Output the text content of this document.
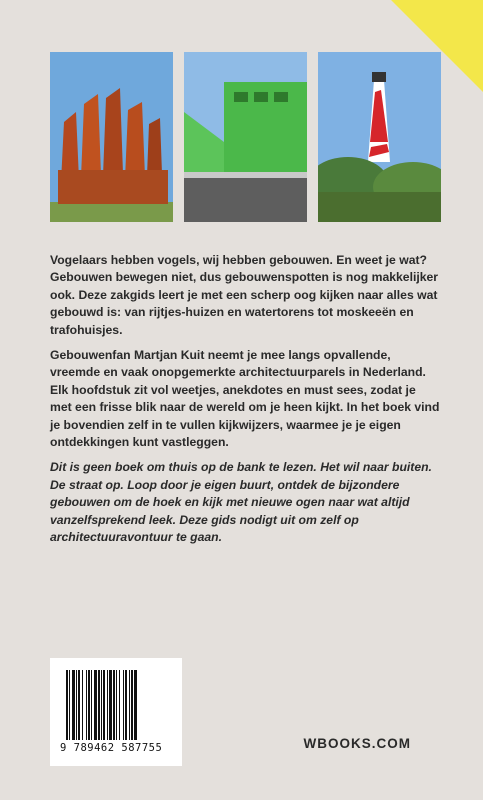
Vogelaars hebben vogels, wij hebben gebouwen. En weet je wat? Gebouwen bewegen niet, dus gebouwenspotten is nog makkelijker ook. Deze zakgids leert je met een scherp oog kijken naar alles wat gebouwd is: van rijtjes-huizen en watertorens tot moskeeën en trafohuisjes.

Gebouwenfan Martjan Kuit neemt je mee langs opvallende, vreemde en vaak onopgemerkte architectuurparels in Nederland. Elk hoofdstuk zit vol weetjes, anekdotes en must sees, zodat je met een frisse blik naar de wereld om je heen kijkt. In het boek vind je bovendien zelf in te vullen kijkwijzers, waarmee je je eigen ontdekkingen kunt vastleggen.

Dit is geen boek om thuis op de bank te lezen. Het wil naar buiten. De straat op. Loop door je eigen buurt, ontdek de bijzondere gebouwen om de hoek en kijk met nieuwe ogen naar wat altijd vanzelfsprekend leek. Deze gids nodigt uit om zelf op architectuuravontuur te gaan.

9 789462 587755	WBOOKS.COM
